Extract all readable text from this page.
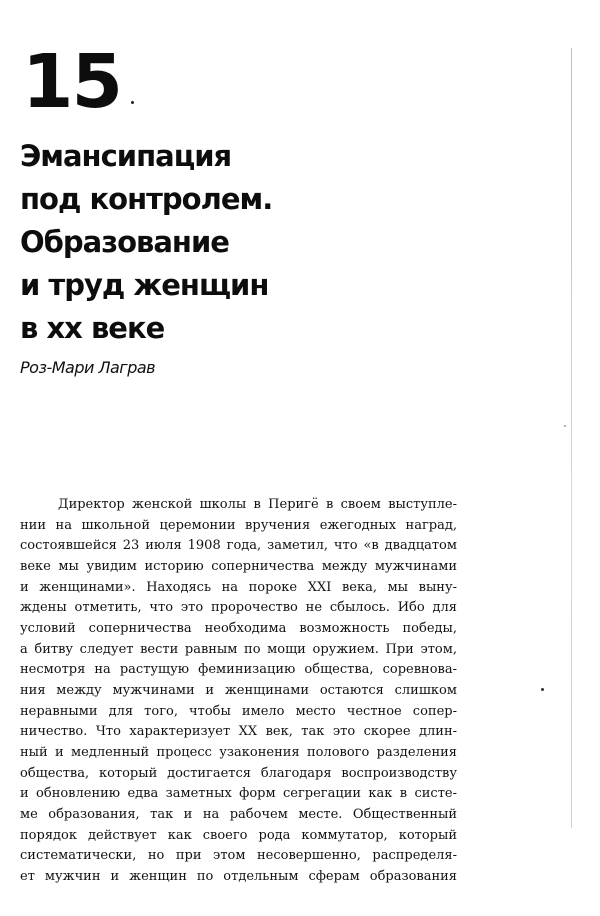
15
Эмансипация
под контролем.
Образование
и труд женщин
в хх веке
Роз-Мари Лаграв
Директор женской школы в Перигё в своем выступле-
нии на школьной церемонии вручения ежегодных наград,
состоявшейся 23 июля 1908 года, заметил, что «в двадцатом
веке мы увидим историю соперничества между мужчинами
и женщинами». Находясь на пороке XXI века, мы выну-
ждены отметить, что это пророчество не сбылось. Ибо для
условий соперничества необходима возможность победы,
а битву следует вести равным по мощи оружием. При этом,
несмотря на растущую феминизацию общества, соревнова-
ния между мужчинами и женщинами остаются слишком
неравными для того, чтобы имело место честное сопер-
ничество. Что характеризует XX век, так это скорее длин-
ный и медленный процесс узаконения полового разделения
общества, который достигается благодаря воспроизводству
и обновлению едва заметных форм сегрегации как в систе-
ме образования, так и на рабочем месте. Общественный
порядок действует как своего рода коммутатор, который
систематически, но при этом несовершенно, распределя-
ет мужчин и женщин по отдельным сферам образования
